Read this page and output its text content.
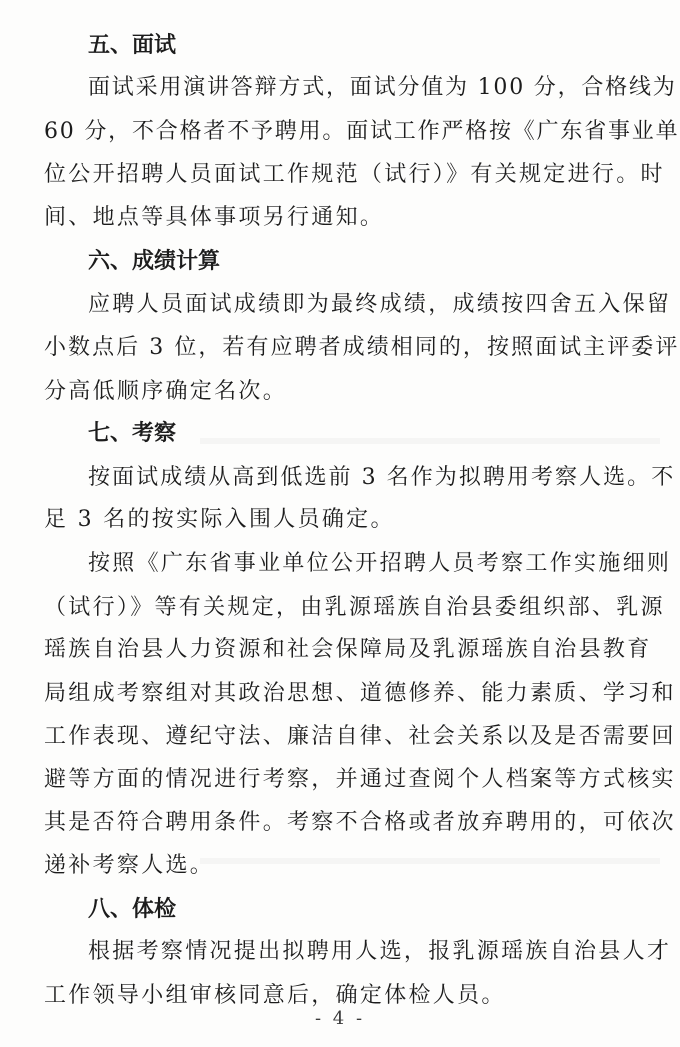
五、面试
面试采用演讲答辩方式，面试分值为 100 分，合格线为
60 分，不合格者不予聘用。面试工作严格按《广东省事业单
位公开招聘人员面试工作规范（试行）》有关规定进行。时
间、地点等具体事项另行通知。
六、成绩计算
应聘人员面试成绩即为最终成绩，成绩按四舍五入保留
小数点后 3 位，若有应聘者成绩相同的，按照面试主评委评
分高低顺序确定名次。
七、考察
按面试成绩从高到低选前 3 名作为拟聘用考察人选。不
足 3 名的按实际入围人员确定。
按照《广东省事业单位公开招聘人员考察工作实施细则
（试行）》等有关规定，由乳源瑶族自治县委组织部、乳源
瑶族自治县人力资源和社会保障局及乳源瑶族自治县教育
局组成考察组对其政治思想、道德修养、能力素质、学习和
工作表现、遵纪守法、廉洁自律、社会关系以及是否需要回
避等方面的情况进行考察，并通过查阅个人档案等方式核实
其是否符合聘用条件。考察不合格或者放弃聘用的，可依次
递补考察人选。
八、体检
根据考察情况提出拟聘用人选，报乳源瑶族自治县人才
工作领导小组审核同意后，确定体检人员。
- 4 -
